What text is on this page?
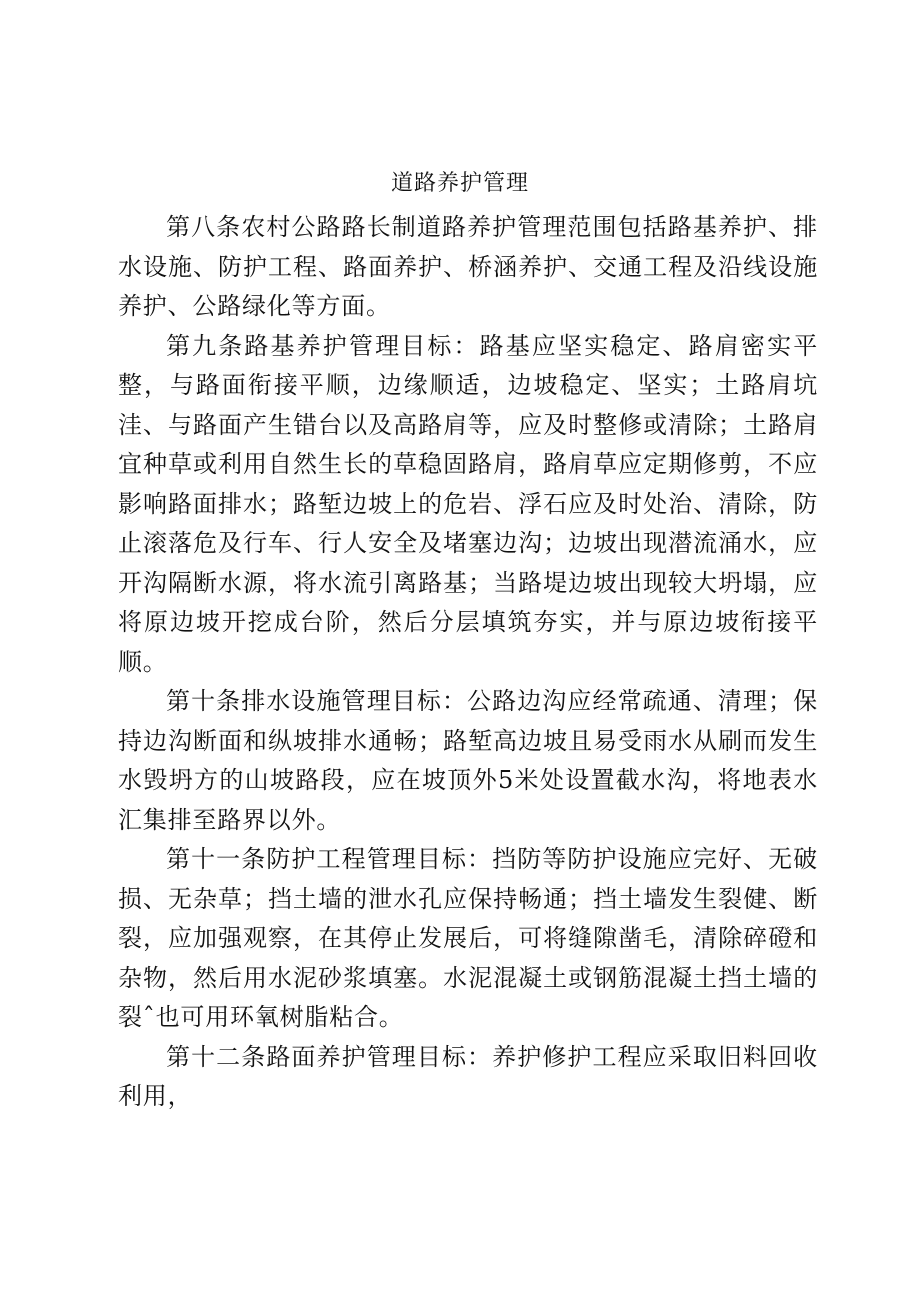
道路养护管理

第八条农村公路路长制道路养护管理范围包括路基养护、排水设施、防护工程、路面养护、桥涵养护、交通工程及沿线设施养护、公路绿化等方面。

第九条路基养护管理目标：路基应坚实稳定、路肩密实平整，与路面衔接平顺，边缘顺适，边坡稳定、坚实；土路肩坑洼、与路面产生错台以及高路肩等，应及时整修或清除；土路肩宜种草或利用自然生长的草稳固路肩，路肩草应定期修剪，不应影响路面排水；路堑边坡上的危岩、浮石应及时处治、清除，防止滚落危及行车、行人安全及堵塞边沟；边坡出现潜流涌水，应开沟隔断水源，将水流引离路基；当路堤边坡出现较大坍塌，应将原边坡开挖成台阶，然后分层填筑夯实，并与原边坡衔接平顺。

第十条排水设施管理目标：公路边沟应经常疏通、清理；保持边沟断面和纵坡排水通畅；路堑高边坡且易受雨水从刷而发生水毁坍方的山坡路段，应在坡顶外5米处设置截水沟，将地表水汇集排至路界以外。

第十一条防护工程管理目标：挡防等防护设施应完好、无破损、无杂草；挡土墙的泄水孔应保持畅通；挡土墙发生裂健、断裂，应加强观察，在其停止发展后，可将缝隙凿毛，清除碎磴和杂物，然后用水泥砂浆填塞。水泥混凝土或钢筋混凝土挡土墙的裂ˆ也可用环氧树脂粘合。

第十二条路面养护管理目标：养护修护工程应采取旧料回收利用，
